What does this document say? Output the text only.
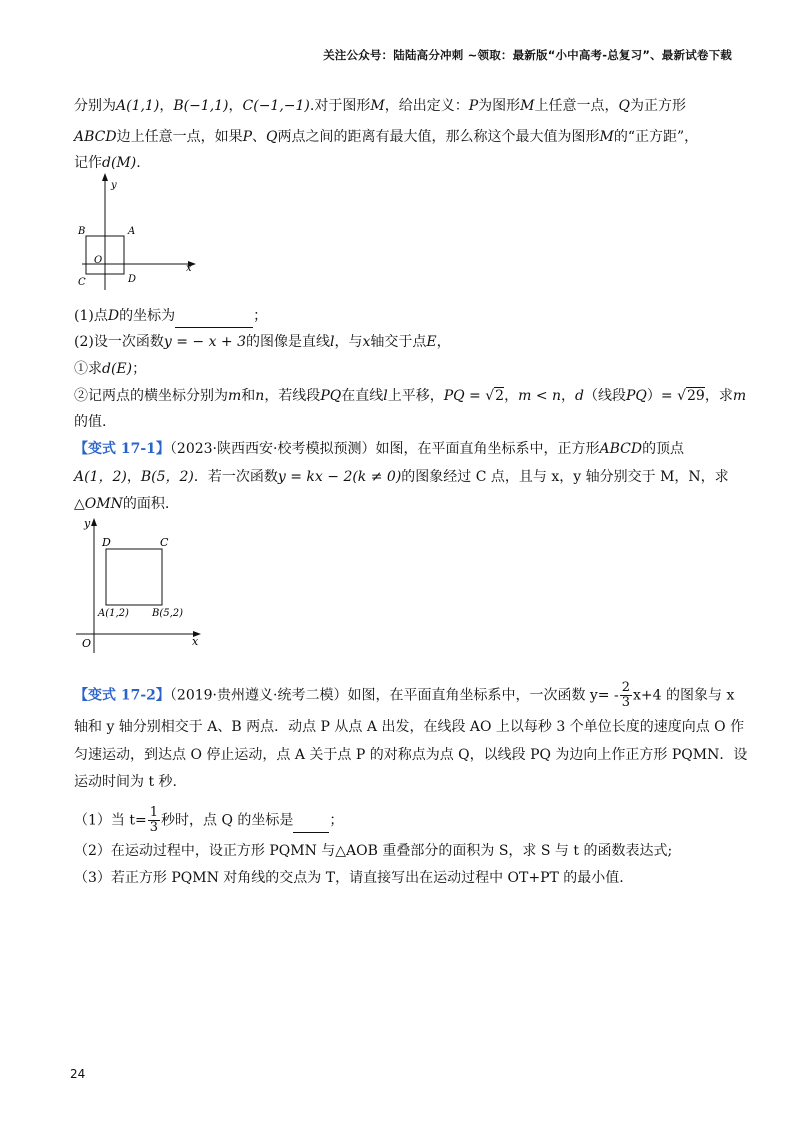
关注公众号：陆陆高分冲刺 ~领取：最新版“小中高考-总复习”、最新试卷下载
分别为A(1,1)，B(−1,1)，C(−1,−1).对于图形M，给出定义：P为图形M上任意一点，Q为正方形
ABCD边上任意一点，如果P、Q两点之间的距离有最大值，那么称这个最大值为图形M的“正方距”，
记作d(M).
y
x
B	A
O
C	D
(1)点D的坐标为	；
(2)设一次函数y = − x + 3的图像是直线l，与x轴交于点E，
①求d(E)；
②记两点的横坐标分别为m和n，若线段PQ在直线l上平移，PQ = √2，m < n，d（线段PQ）= √29，求m
的值.
【变式 17-1】（2023·陕西西安·校考模拟预测）如图，在平面直角坐标系中，正方形ABCD的顶点
A(1，2)，B(5，2)．若一次函数y = kx − 2(k ≠ 0)的图象经过 C 点，且与 x，y 轴分别交于 M，N，求
△OMN的面积.
y
x
O
D	C
A(1,2) B(5,2)
【变式 17-2】（2019·贵州遵义·统考二模）如图，在平面直角坐标系中，一次函数 $y= - \frac{2}{3} x+4$ 的图象与 x
轴和 y 轴分别相交于 A、B 两点．动点 P 从点 A 出发，在线段 AO 上以每秒 3 个单位长度的速度向点 O 作
匀速运动，到达点 O 停止运动，点 A 关于点 P 的对称点为点 Q，以线段 PQ 为边向上作正方形 PQMN．设
运动时间为 t 秒.
（1）当 $t= \frac{1}{3}$ 秒时，点 Q 的坐标是	；
（2）在运动过程中，设正方形 PQMN 与△AOB 重叠部分的面积为 S，求 S 与 t 的函数表达式;
（3）若正方形 PQMN 对角线的交点为 T，请直接写出在运动过程中 OT+PT 的最小值.
24
